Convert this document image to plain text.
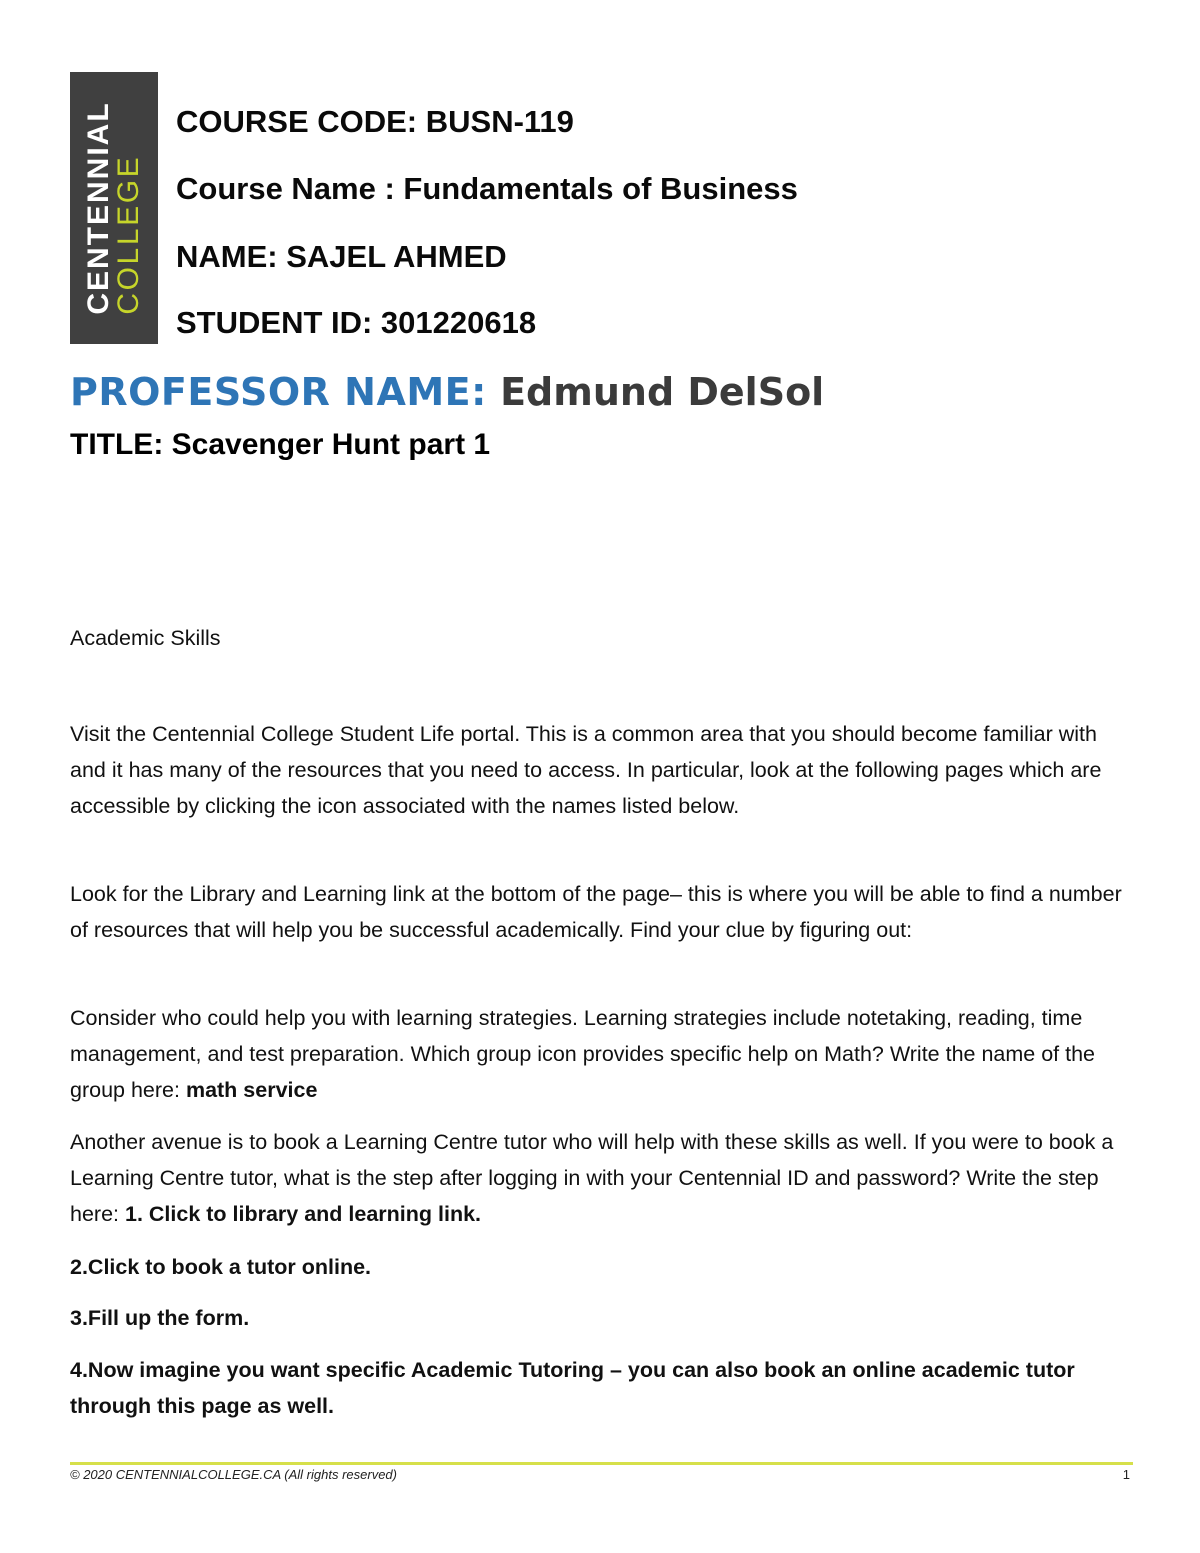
CENTENNIAL
COLLEGE
COURSE CODE: BUSN-119
Course Name : Fundamentals of Business
NAME: SAJEL AHMED
STUDENT ID: 301220618
PROFESSOR NAME: Edmund DelSol
TITLE: Scavenger Hunt part 1
Academic Skills
Visit the Centennial College Student Life portal. This is a common area that you should become familiar with and it has many of the resources that you need to access. In particular, look at the following pages which are accessible by clicking the icon associated with the names listed below.
Look for the Library and Learning link at the bottom of the page– this is where you will be able to find a number of resources that will help you be successful academically. Find your clue by figuring out:
Consider who could help you with learning strategies. Learning strategies include notetaking, reading, time management, and test preparation. Which group icon provides specific help on Math? Write the name of the group here: math service
Another avenue is to book a Learning Centre tutor who will help with these skills as well. If you were to book a Learning Centre tutor, what is the step after logging in with your Centennial ID and password? Write the step here: 1. Click to library and learning link.
2.Click to book a tutor online.
3.Fill up the form.
4.Now imagine you want specific Academic Tutoring – you can also book an online academic tutor through this page as well.
© 2020 CENTENNIALCOLLEGE.CA (All rights reserved)	1
